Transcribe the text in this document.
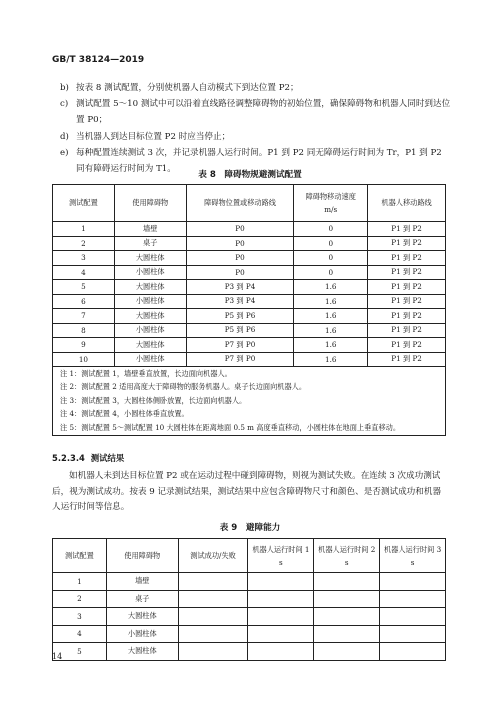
GB/T 38124—2019
b) 按表 8 测试配置，分别使机器人自动模式下到达位置 P2；
c) 测试配置 5～10 测试中可以沿着直线路径调整障碍物的初始位置，确保障碍物和机器人同时到达位置 P0；
d) 当机器人到达目标位置 P2 时应当停止；
e) 每种配置连续测试 3 次，并记录机器人运行时间。P1 到 P2 同无障碍运行时间为 Tr，P1 到 P2 同有障碍运行时间为 T1。
表 8　障碍物规避测试配置
测试配置	使用障碍物	障碍物位置或移动路线	障碍物移动速度
m/s	机器人移动路线
1	墙壁	P0	0	P1 到 P2
2	桌子	P0	0	P1 到 P2
3	大圆柱体	P0	0	P1 到 P2
4	小圆柱体	P0	0	P1 到 P2
5	大圆柱体	P3 到 P4	1.6	P1 到 P2
6	小圆柱体	P3 到 P4	1.6	P1 到 P2
7	大圆柱体	P5 到 P6	1.6	P1 到 P2
8	小圆柱体	P5 到 P6	1.6	P1 到 P2
9	大圆柱体	P7 到 P0	1.6	P1 到 P2
10	小圆柱体	P7 到 P0	1.6	P1 到 P2
注 1：测试配置 1，墙壁垂直放置，长边面向机器人。				
注 2：测试配置 2 适用高度大于障碍物的服务机器人。桌子长边面向机器人。				
注 3：测试配置 3，大圆柱体侧卧放置，长边面向机器人。				
注 4：测试配置 4，小圆柱体垂直放置。				
注 5：测试配置 5～测试配置 10 大圆柱体在距离地面 0.5 m 高度垂直移动，小圆柱体在地面上垂直移动。				
5.2.3.4 测试结果

如机器人未到达目标位置 P2 或在运动过程中碰到障碍物，则视为测试失败。在连续 3 次成功测试后，视为测试成功。按表 9 记录测试结果，测试结果中应包含障碍物尺寸和颜色、是否测试成功和机器人运行时间等信息。

表 9　避障能力
测试配置	使用障碍物	测试成功/失败	机器人运行时间 1
s	机器人运行时间 2
s	机器人运行时间 3
s
1	墙壁				
2	桌子				
3	大圆柱体				
4	小圆柱体				
5	大圆柱体				
14
